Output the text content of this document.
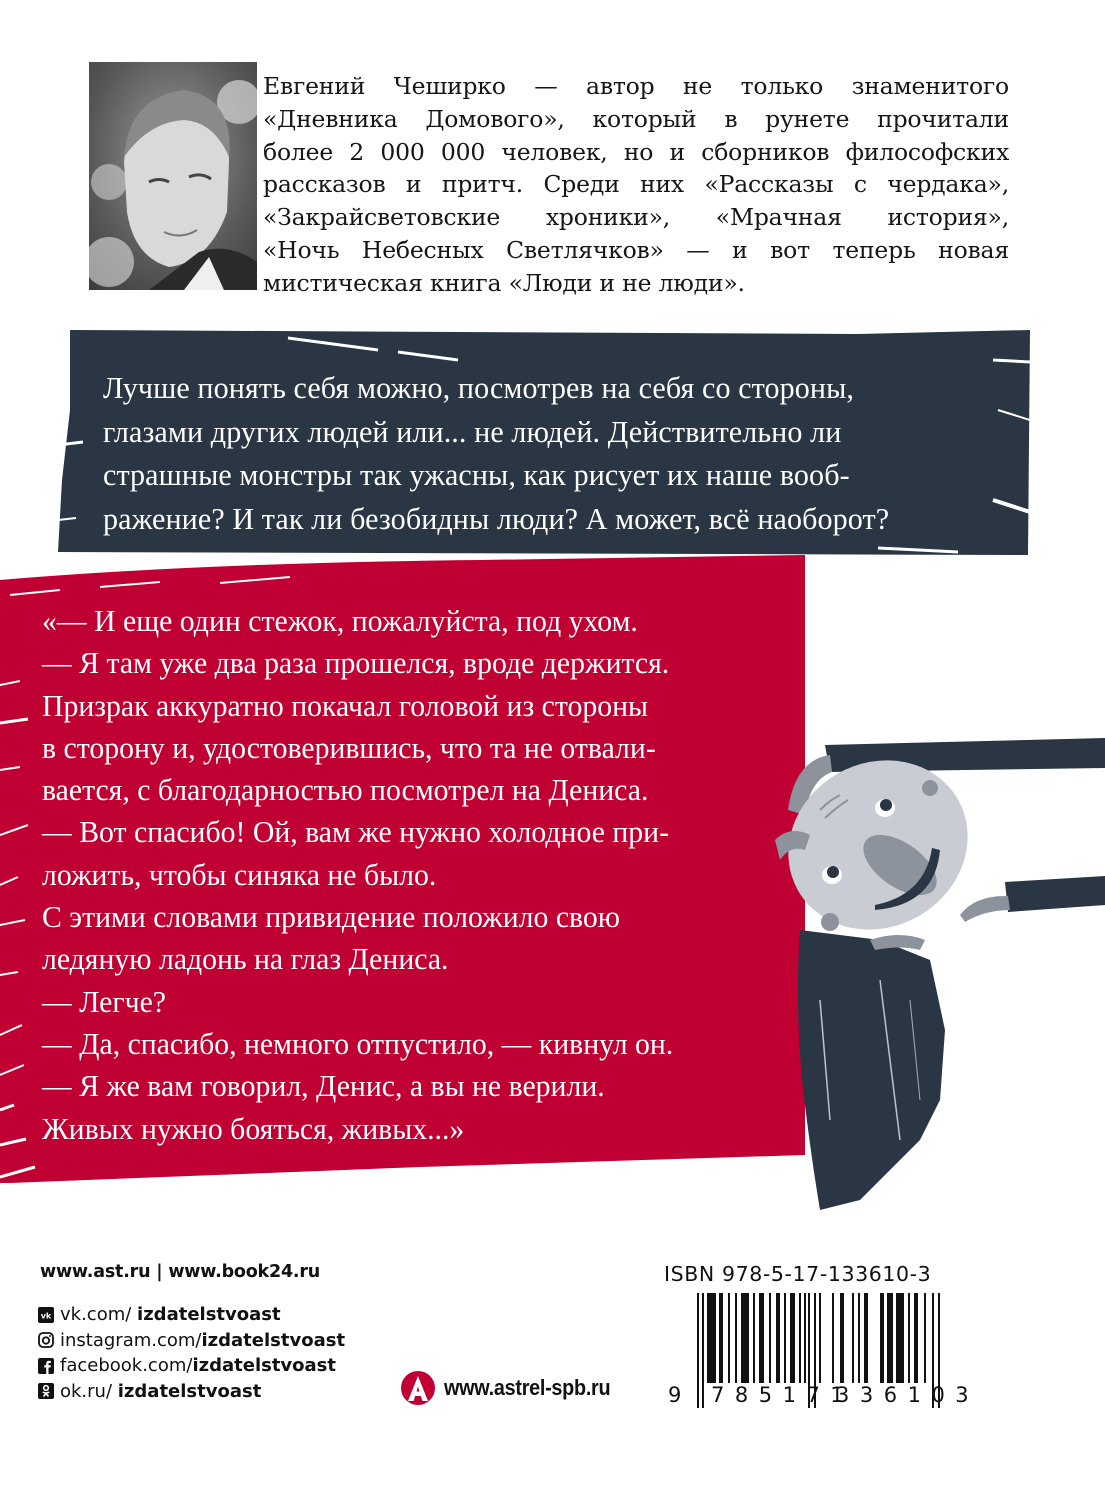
Евгений Чеширко — автор не только знаменитого

«Дневника Домового», который в рунете прочитали

более 2 000 000 человек, но и сборников философских

рассказов и притч. Среди них «Рассказы с чердака»,

«Закрайсветовские хроники», «Мрачная история»,

«Ночь Небесных Светлячков» — и вот теперь новая

мистическая книга «Люди и не люди».

Лучше понять себя можно, посмотрев на себя со стороны,
глазами других людей или... не людей. Действительно ли
страшные монстры так ужасны, как рисует их наше вооб-
ражение? И так ли безобидны люди? А может, всё наоборот?
«— И еще один стежок, пожалуйста, под ухом.
— Я там уже два раза прошелся, вроде держится.
Призрак аккуратно покачал головой из стороны
в сторону и, удостоверившись, что та не отвали-
вается, с благодарностью посмотрел на Дениса.
— Вот спасибо! Ой, вам же нужно холодное при-
ложить, чтобы синяка не было.
С этими словами привидение положило свою
ледяную ладонь на глаз Дениса.
— Легче?
— Да, спасибо, немного отпустило, — кивнул он.
— Я же вам говорил, Денис, а вы не верили.
Живых нужно бояться, живых...»
www.ast.ru | www.book24.ru
vk vk.com/ izdatelstvoast
instagram.com/izdatelstvoast
facebook.com/izdatelstvoast
ok.ru/ izdatelstvoast	www.astrel-spb.ru
ISBN 978-5-17-133610-3
9 785171
336103
